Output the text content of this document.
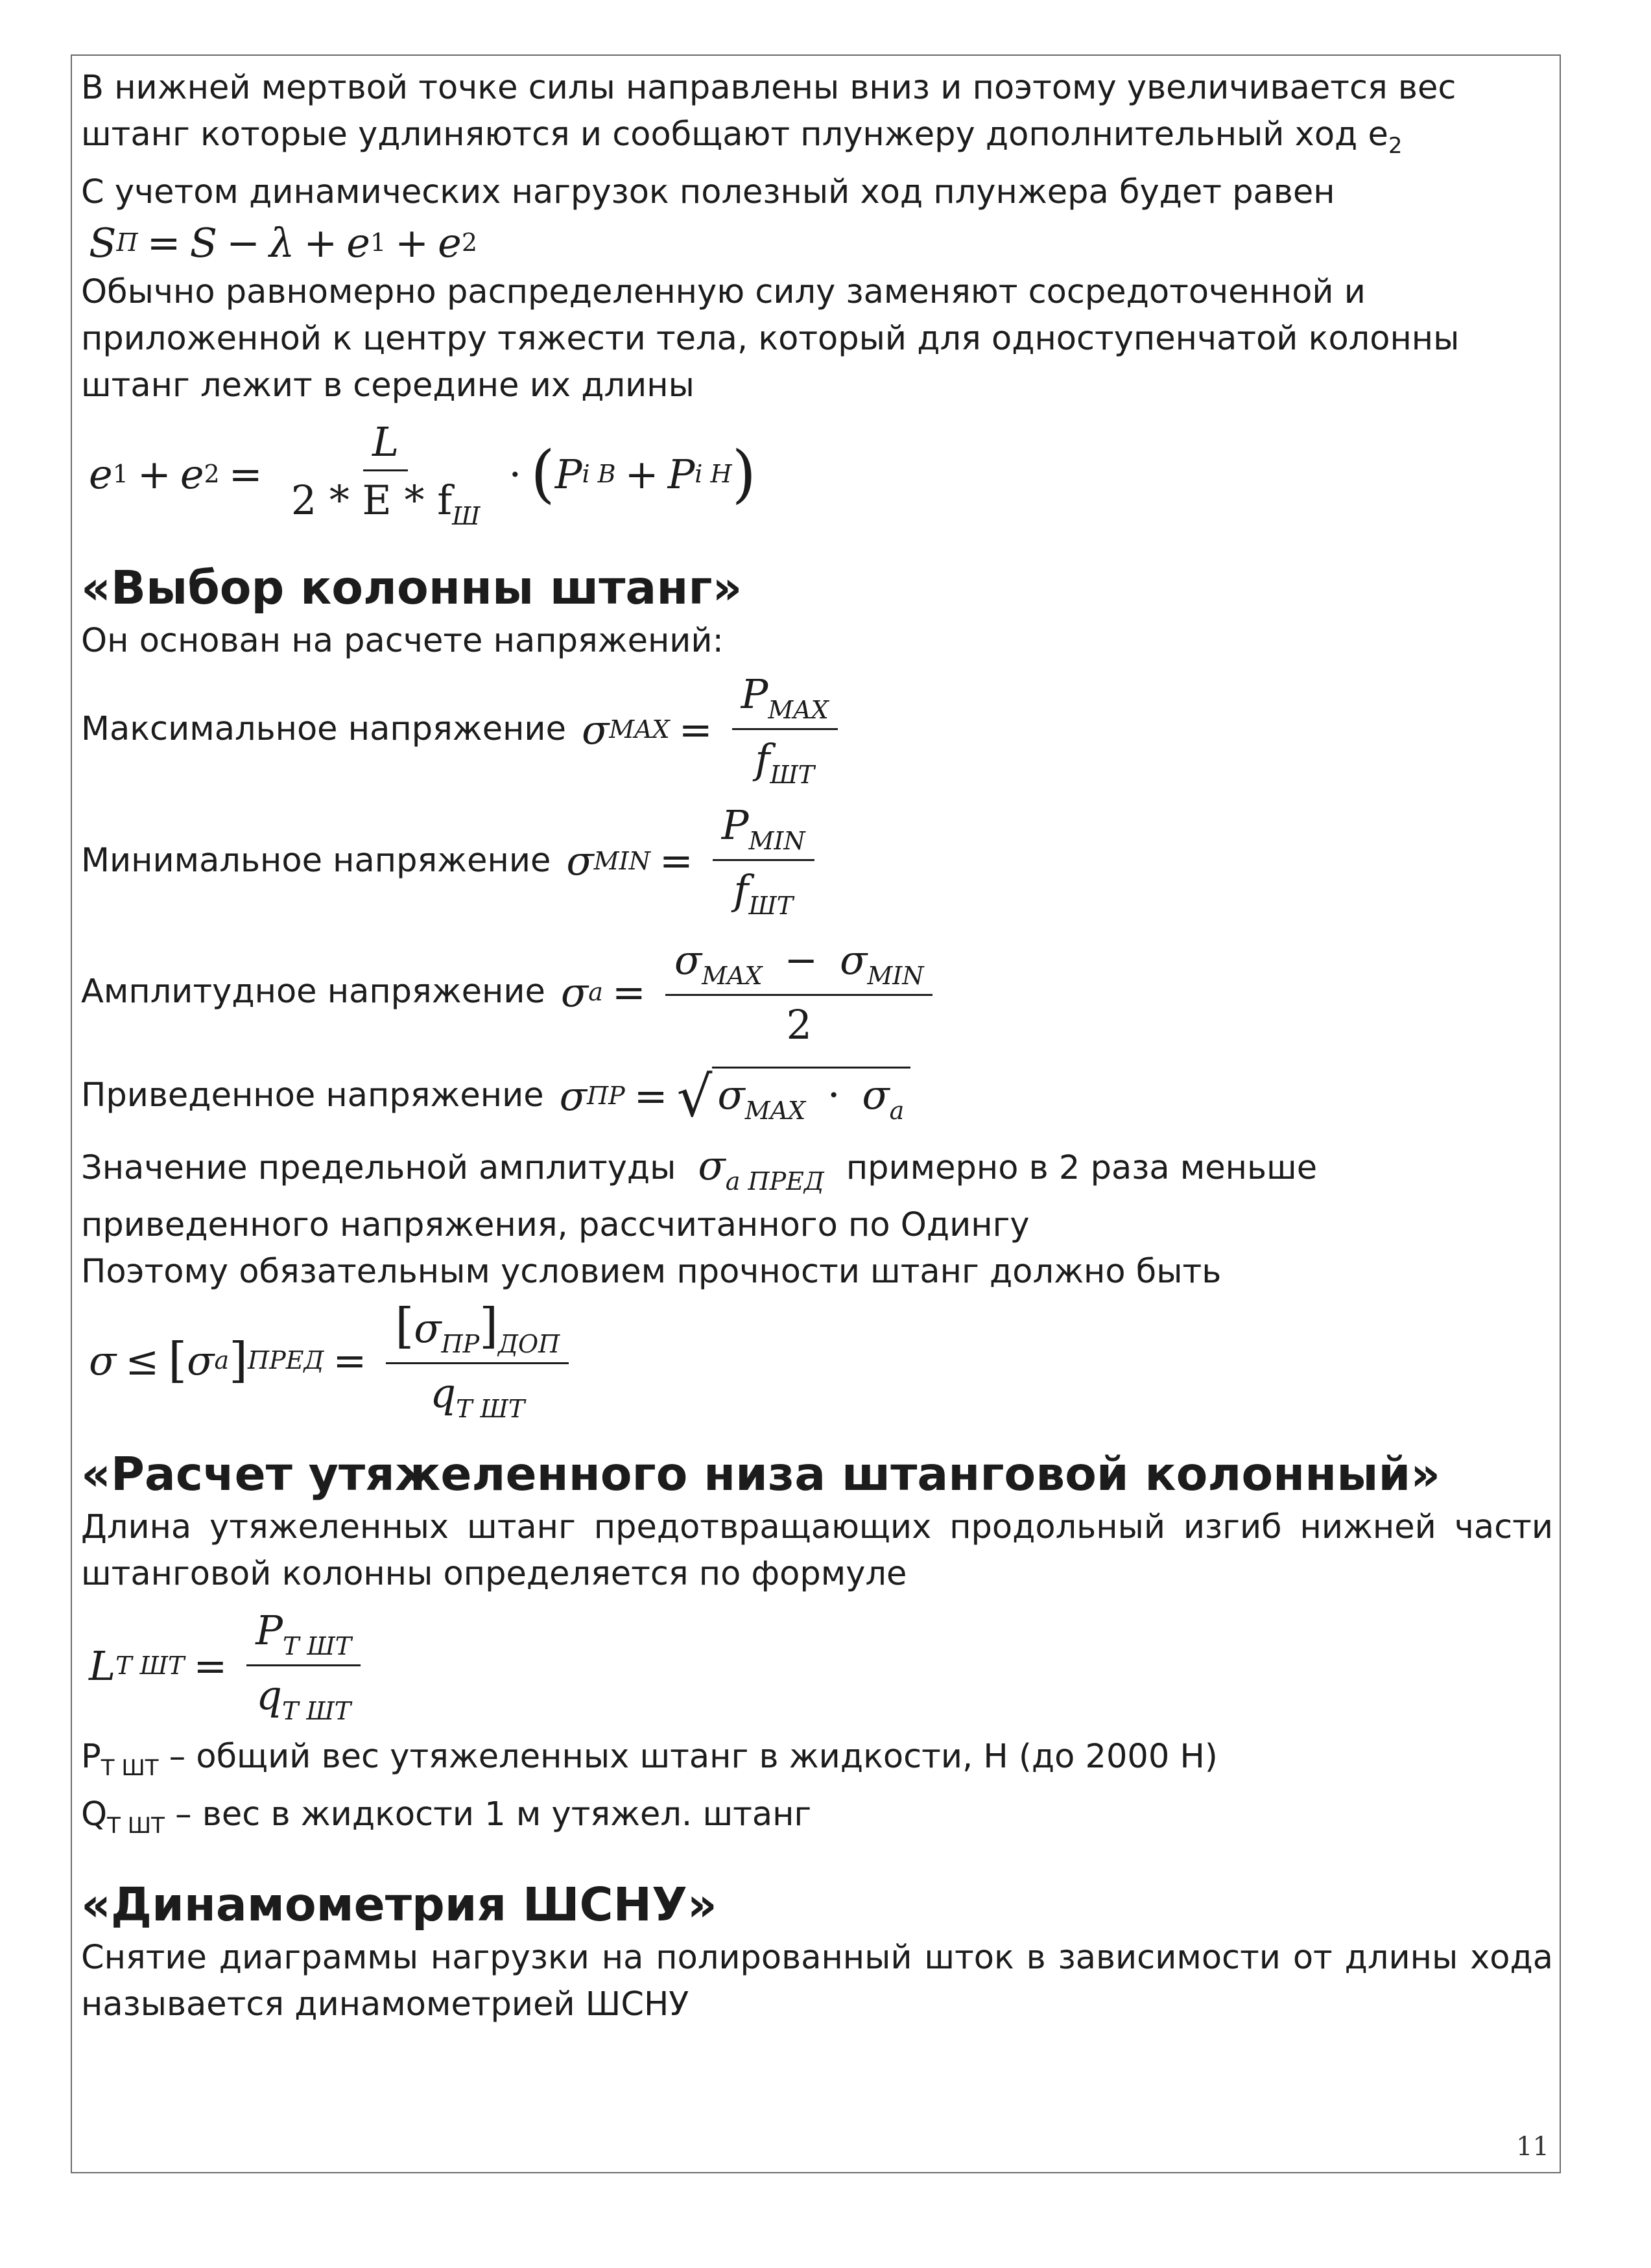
В нижней мертвой точке силы направлены вниз и поэтому увеличивается вес
штанг которые удлиняются и сообщают плунжеру дополнительный ход $е_2$
С учетом динамических нагрузок полезный ход плунжера будет равен
S П = S − λ + e 1 + e 2
Обычно равномерно распределенную силу заменяют сосредоточенной и
приложенной к центру тяжести тела, который для одноступенчатой колонны
штанг лежит в середине их длины
e 1 + e $2 = \frac{L}{2 * E * f_Ш}$ · ( P i B + P i H )
«Выбор колонны штанг»
Он основан на расчете напряжений:
Максимальное напряжение σ MAX = $\frac{P_{MAX}}{f_{ШТ}}$
Минимальное напряжение σ MIN = $\frac{P_{MIN}}{f_{ШТ}}$
Амплитудное напряжение σ $a = \frac{\sigma_{MAX} - \sigma_{MIN}}{2}$
Приведенное напряжение σ ПР = √ $\sigma_{MAX} \cdot \sigma_a$
Значение предельной амплитуды $\sigma_{a ПРЕД}$ примерно в 2 раза меньше
приведенного напряжения, рассчитанного по Одингу
Поэтому обязательным условием прочности штанг должно быть
σ ≤ [ σ a ] ПРЕД = $\frac{[\sigma_{ПР}]_{ДОП}}{q_{Т ШТ}}$
«Расчет утяжеленного низа штанговой колонный»
Длина утяжеленных штанг предотвращающих продольный изгиб нижней части
штанговой колонны определяется по формуле
L Т ШТ = $\frac{P_{Т ШТ}}{q_{Т ШТ}}$
$P_{Т ШТ}$ – общий вес утяжеленных штанг в жидкости, Н (до 2000 Н)
$Q_{Т ШТ}$ – вес в жидкости 1 м утяжел. штанг
«Динамометрия ШСНУ»
Снятие диаграммы нагрузки на полированный шток в зависимости от длины хода
называется динамометрией ШСНУ
11
